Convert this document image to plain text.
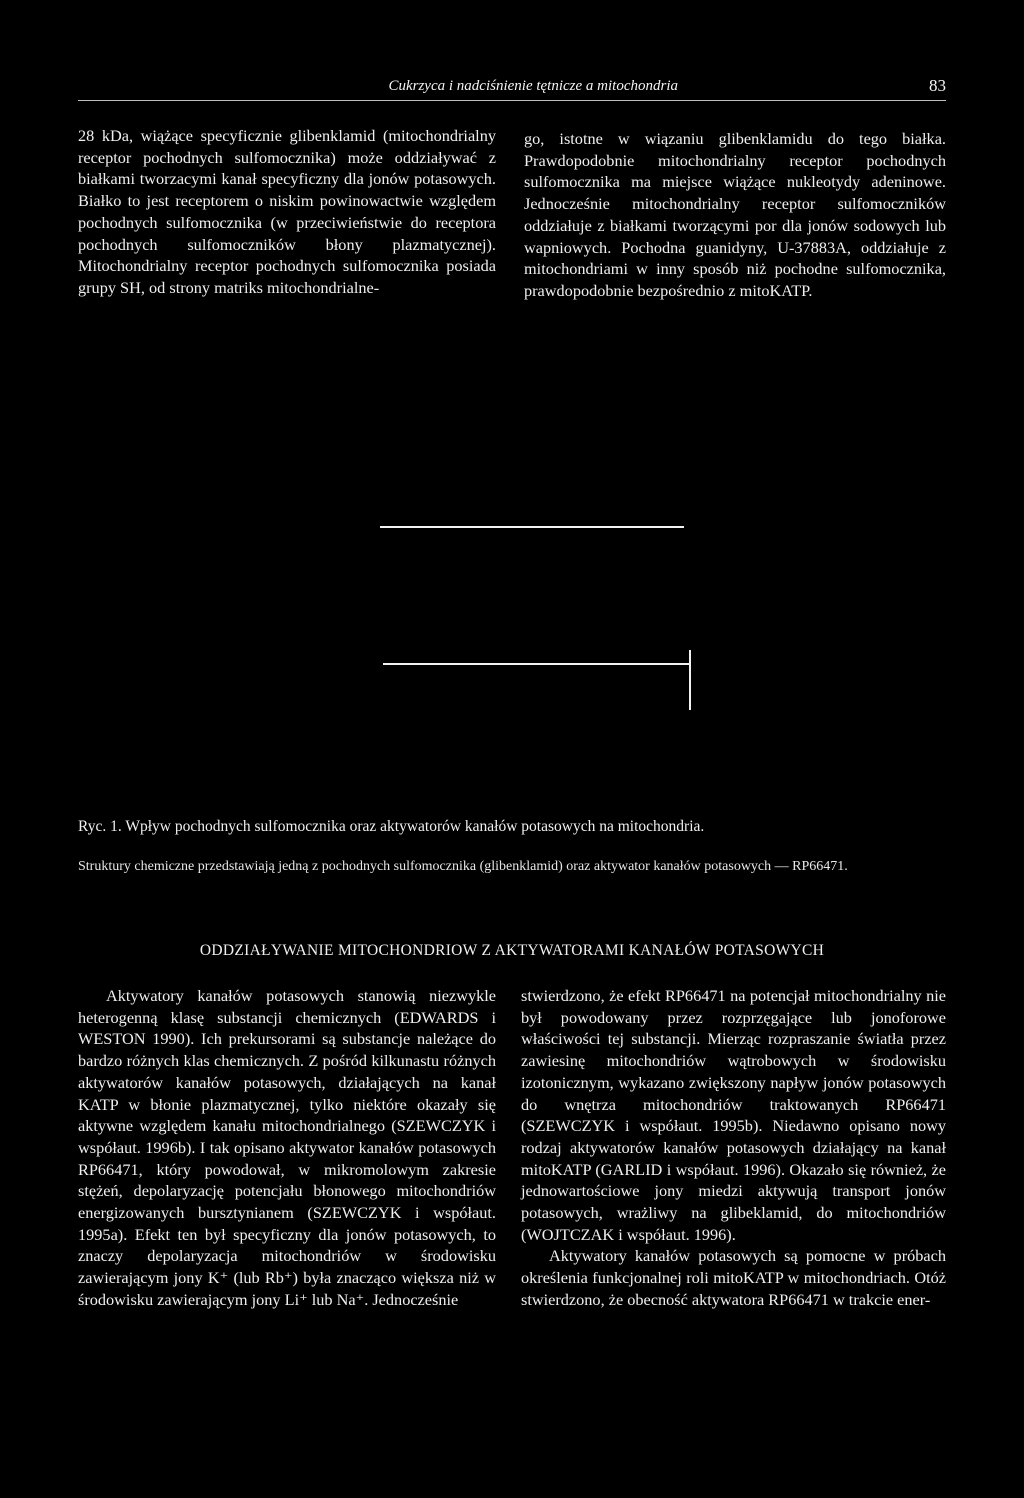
Cukrzyca i nadciśnienie tętnicze a mitochondria	83

28 kDa, wiążące specyficznie glibenklamid (mitochondrialny receptor pochodnych sulfomocznika) może oddziaływać z białkami tworzacymi kanał specyficzny dla jonów potasowych. Białko to jest receptorem o niskim powinowactwie względem pochodnych sulfomocznika (w przeciwieństwie do receptora pochodnych sulfomoczników błony plazmatycznej). Mitochondrialny receptor pochodnych sulfomocznika posiada grupy SH, od strony matriks mitochondrialne-

go, istotne w wiązaniu glibenklamidu do tego białka. Prawdopodobnie mitochondrialny receptor pochodnych sulfomocznika ma miejsce wiążące nukleotydy adeninowe. Jednocześnie mitochondrialny receptor sulfomoczników oddziałuje z białkami tworzącymi por dla jonów sodowych lub wapniowych. Pochodna guanidyny, U-37883A, oddziałuje z mitochondriami w inny sposób niż pochodne sulfomocznika, prawdopodobnie bezpośrednio z mitoKATP.

Ryc. 1. Wpływ pochodnych sulfomocznika oraz aktywatorów kanałów potasowych na mitochondria.
Struktury chemiczne przedstawiają jedną z pochodnych sulfomocznika (glibenklamid) oraz aktywator kanałów potasowych — RP66471.
ODDZIAŁYWANIE MITOCHONDRIOW Z AKTYWATORAMI KANAŁÓW POTASOWYCH

Aktywatory kanałów potasowych stanowią niezwykle heterogenną klasę substancji chemicznych (EDWARDS i WESTON 1990). Ich prekursorami są substancje należące do bardzo różnych klas chemicznych. Z pośród kilkunastu różnych aktywatorów kanałów potasowych, działających na kanał KATP w błonie plazmatycznej, tylko niektóre okazały się aktywne względem kanału mitochondrialnego (SZEWCZYK i współaut. 1996b). I tak opisano aktywator kanałów potasowych RP66471, który powodował, w mikromolowym zakresie stężeń, depolaryzację potencjału błonowego mitochondriów energizowanych bursztynianem (SZEWCZYK i współaut. 1995a). Efekt ten był specyficzny dla jonów potasowych, to znaczy depolaryzacja mitochondriów w środowisku zawierającym jony K⁺ (lub Rb⁺) była znacząco większa niż w środowisku zawierającym jony Li⁺ lub Na⁺. Jednocześnie

stwierdzono, że efekt RP66471 na potencjał mitochondrialny nie był powodowany przez rozprzęgające lub jonoforowe właściwości tej substancji. Mierząc rozpraszanie światła przez zawiesinę mitochondriów wątrobowych w środowisku izotonicznym, wykazano zwiększony napływ jonów potasowych do wnętrza mitochondriów traktowanych RP66471 (SZEWCZYK i współaut. 1995b). Niedawno opisano nowy rodzaj aktywatorów kanałów potasowych działający na kanał mitoKATP (GARLID i współaut. 1996). Okazało się również, że jednowartościowe jony miedzi aktywują transport jonów potasowych, wrażliwy na glibeklamid, do mitochondriów (WOJTCZAK i współaut. 1996).

Aktywatory kanałów potasowych są pomocne w próbach określenia funkcjonalnej roli mitoKATP w mitochondriach. Otóż stwierdzono, że obecność aktywatora RP66471 w trakcie ener-
